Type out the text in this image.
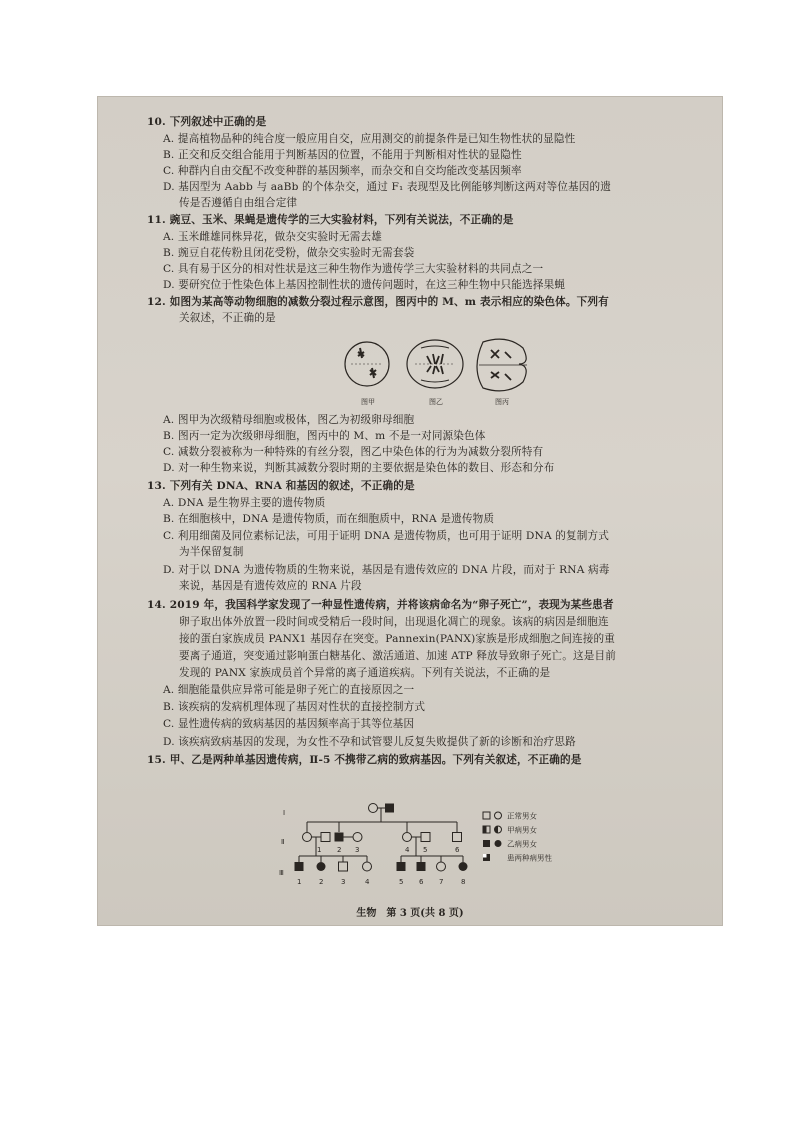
10. 下列叙述中正确的是
A. 提高植物品种的纯合度一般应用自交，应用测交的前提条件是已知生物性状的显隐性
B. 正交和反交组合能用于判断基因的位置，不能用于判断相对性状的显隐性
C. 种群内自由交配不改变种群的基因频率，而杂交和自交均能改变基因频率
D. 基因型为 Aabb 与 aaBb 的个体杂交，通过 F₁ 表现型及比例能够判断这两对等位基因的遗
传是否遵循自由组合定律
11. 豌豆、玉米、果蝇是遗传学的三大实验材料，下列有关说法，不正确的是
A. 玉米雌雄同株异花，做杂交实验时无需去雄
B. 豌豆自花传粉且闭花受粉，做杂交实验时无需套袋
C. 具有易于区分的相对性状是这三种生物作为遗传学三大实验材料的共同点之一
D. 要研究位于性染色体上基因控制性状的遗传问题时，在这三种生物中只能选择果蝇
12. 如图为某高等动物细胞的减数分裂过程示意图，图丙中的 M、m 表示相应的染色体。下列有
关叙述，不正确的是
A. 图甲为次级精母细胞或极体，图乙为初级卵母细胞
B. 图丙一定为次级卵母细胞，图丙中的 M、m 不是一对同源染色体
C. 减数分裂被称为一种特殊的有丝分裂，图乙中染色体的行为为减数分裂所特有
D. 对一种生物来说，判断其减数分裂时期的主要依据是染色体的数目、形态和分布
13. 下列有关 DNA、RNA 和基因的叙述，不正确的是
A. DNA 是生物界主要的遗传物质
B. 在细胞核中，DNA 是遗传物质，而在细胞质中，RNA 是遗传物质
C. 利用细菌及同位素标记法，可用于证明 DNA 是遗传物质，也可用于证明 DNA 的复制方式
为半保留复制
D. 对于以 DNA 为遗传物质的生物来说，基因是有遗传效应的 DNA 片段，而对于 RNA 病毒
来说，基因是有遗传效应的 RNA 片段
14. 2019 年，我国科学家发现了一种显性遗传病，并将该病命名为“卵子死亡”，表现为某些患者
卵子取出体外放置一段时间或受精后一段时间，出现退化凋亡的现象。该病的病因是细胞连
接的蛋白家族成员 PANX1 基因存在突变。Pannexin(PANX)家族是形成细胞之间连接的重
要离子通道，突变通过影响蛋白糖基化、激活通道、加速 ATP 释放导致卵子死亡。这是目前
发现的 PANX 家族成员首个异常的离子通道疾病。下列有关说法，不正确的是
A. 细胞能量供应异常可能是卵子死亡的直接原因之一
B. 该疾病的发病机理体现了基因对性状的直接控制方式
C. 显性遗传病的致病基因的基因频率高于其等位基因
D. 该疾病致病基因的发现，为女性不孕和试管婴儿反复失败提供了新的诊断和治疗思路
15. 甲、乙是两种单基因遗传病，Ⅱ-5 不携带乙病的致病基因。下列有关叙述，不正确的是
图甲	图乙	图丙
Ⅰ
Ⅱ
Ⅲ
1 2 3	4 5	6
1	2	3	4	5 6 7	8
正常男女
甲病男女
乙病男女
患两种病男性
生物　第 3 页(共 8 页)
